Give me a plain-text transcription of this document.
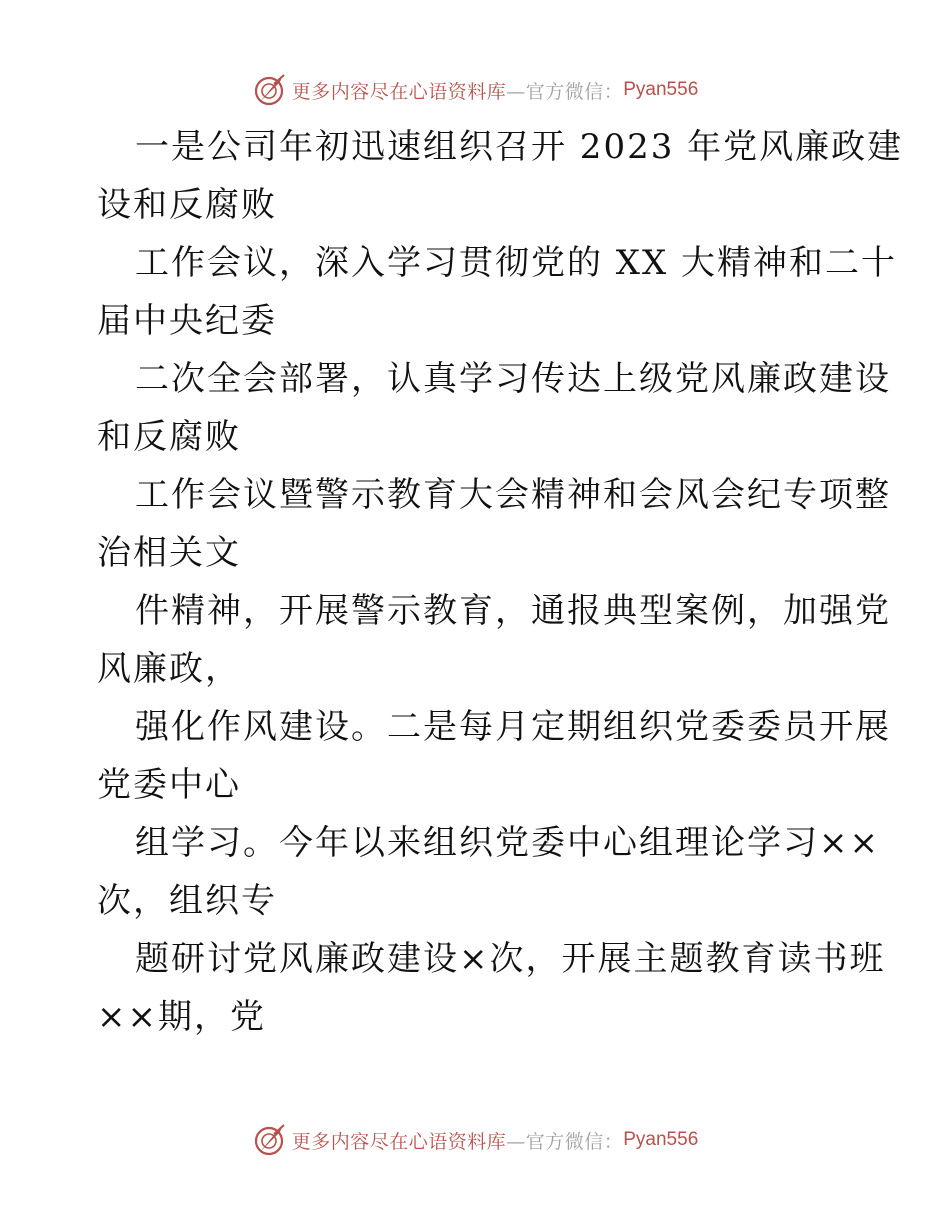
更多内容尽在心语资料库 —官方微信： Pyan556
一是公司年初迅速组织召开 2023 年党风廉政建
设和反腐败
工作会议，深入学习贯彻党的 XX 大精神和二十
届中央纪委
二次全会部署，认真学习传达上级党风廉政建设
和反腐败
工作会议暨警示教育大会精神和会风会纪专项整
治相关文
件精神，开展警示教育，通报典型案例，加强党
风廉政，
强化作风建设。二是每月定期组织党委委员开展
党委中心
组学习。今年以来组织党委中心组理论学习××
次，组织专
题研讨党风廉政建设×次，开展主题教育读书班
××期，党
更多内容尽在心语资料库 —官方微信： Pyan556
